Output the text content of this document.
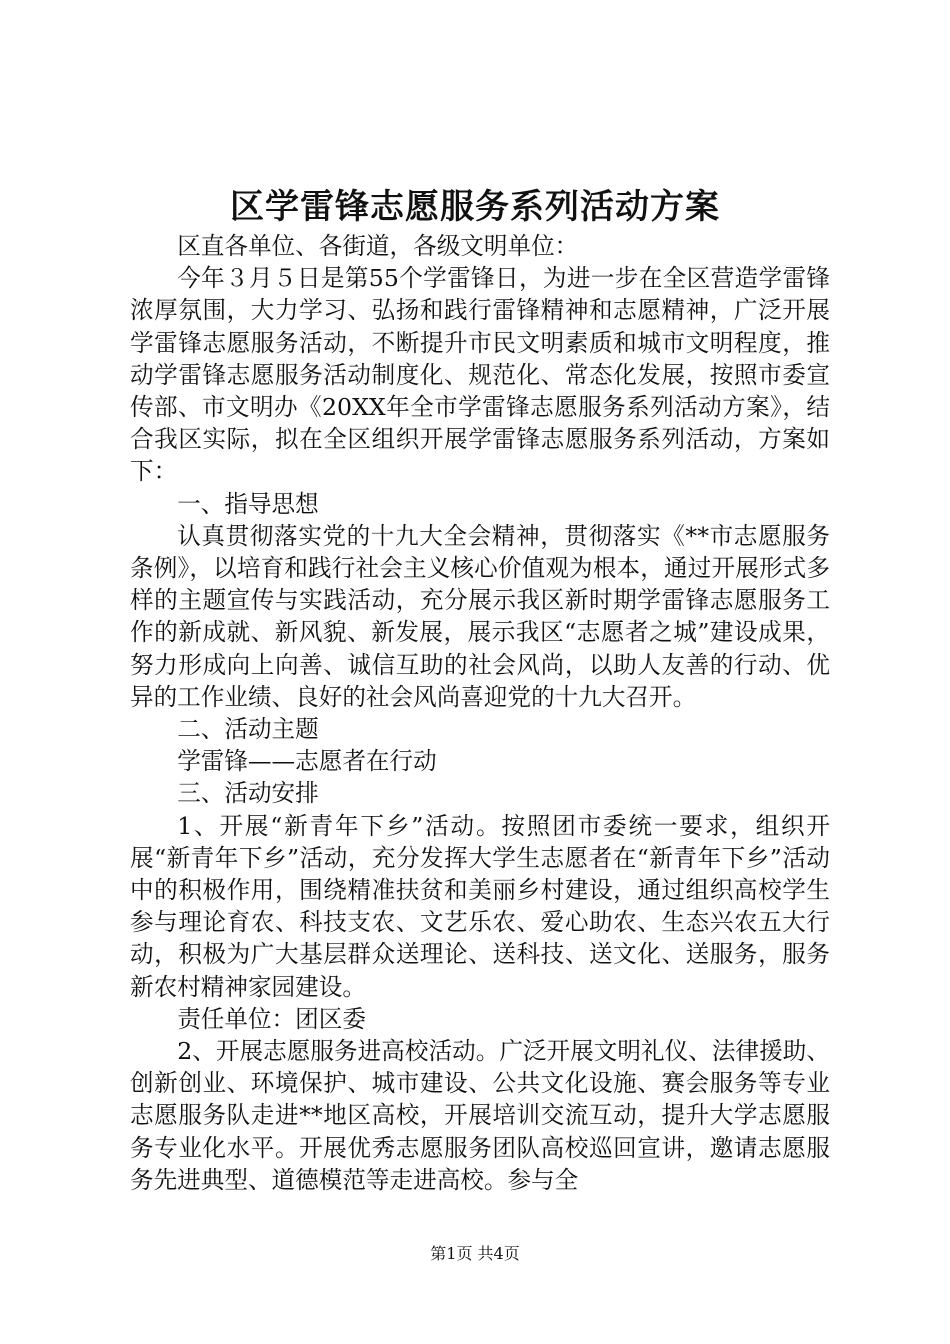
区学雷锋志愿服务系列活动方案

区直各单位、各街道，各级文明单位：

今年３月５日是第55个学雷锋日，为进一步在全区营造学雷锋浓厚氛围，大力学习、弘扬和践行雷锋精神和志愿精神，广泛开展学雷锋志愿服务活动，不断提升市民文明素质和城市文明程度，推动学雷锋志愿服务活动制度化、规范化、常态化发展，按照市委宣传部、市文明办《20XX年全市学雷锋志愿服务系列活动方案》，结合我区实际，拟在全区组织开展学雷锋志愿服务系列活动，方案如下：

一、指导思想

认真贯彻落实党的十九大全会精神，贯彻落实《**市志愿服务条例》，以培育和践行社会主义核心价值观为根本，通过开展形式多样的主题宣传与实践活动，充分展示我区新时期学雷锋志愿服务工作的新成就、新风貌、新发展，展示我区“志愿者之城”建设成果，努力形成向上向善、诚信互助的社会风尚，以助人友善的行动、优异的工作业绩、良好的社会风尚喜迎党的十九大召开。

二、活动主题

学雷锋——志愿者在行动

三、活动安排

1、开展“新青年下乡”活动。按照团市委统一要求，组织开展“新青年下乡”活动，充分发挥大学生志愿者在“新青年下乡”活动中的积极作用，围绕精准扶贫和美丽乡村建设，通过组织高校学生参与理论育农、科技支农、文艺乐农、爱心助农、生态兴农五大行动，积极为广大基层群众送理论、送科技、送文化、送服务，服务新农村精神家园建设。

责任单位：团区委

2、开展志愿服务进高校活动。广泛开展文明礼仪、法律援助、创新创业、环境保护、城市建设、公共文化设施、赛会服务等专业志愿服务队走进**地区高校，开展培训交流互动，提升大学志愿服务专业化水平。开展优秀志愿服务团队高校巡回宣讲，邀请志愿服务先进典型、道德模范等走进高校。参与全

第1页 共4页
